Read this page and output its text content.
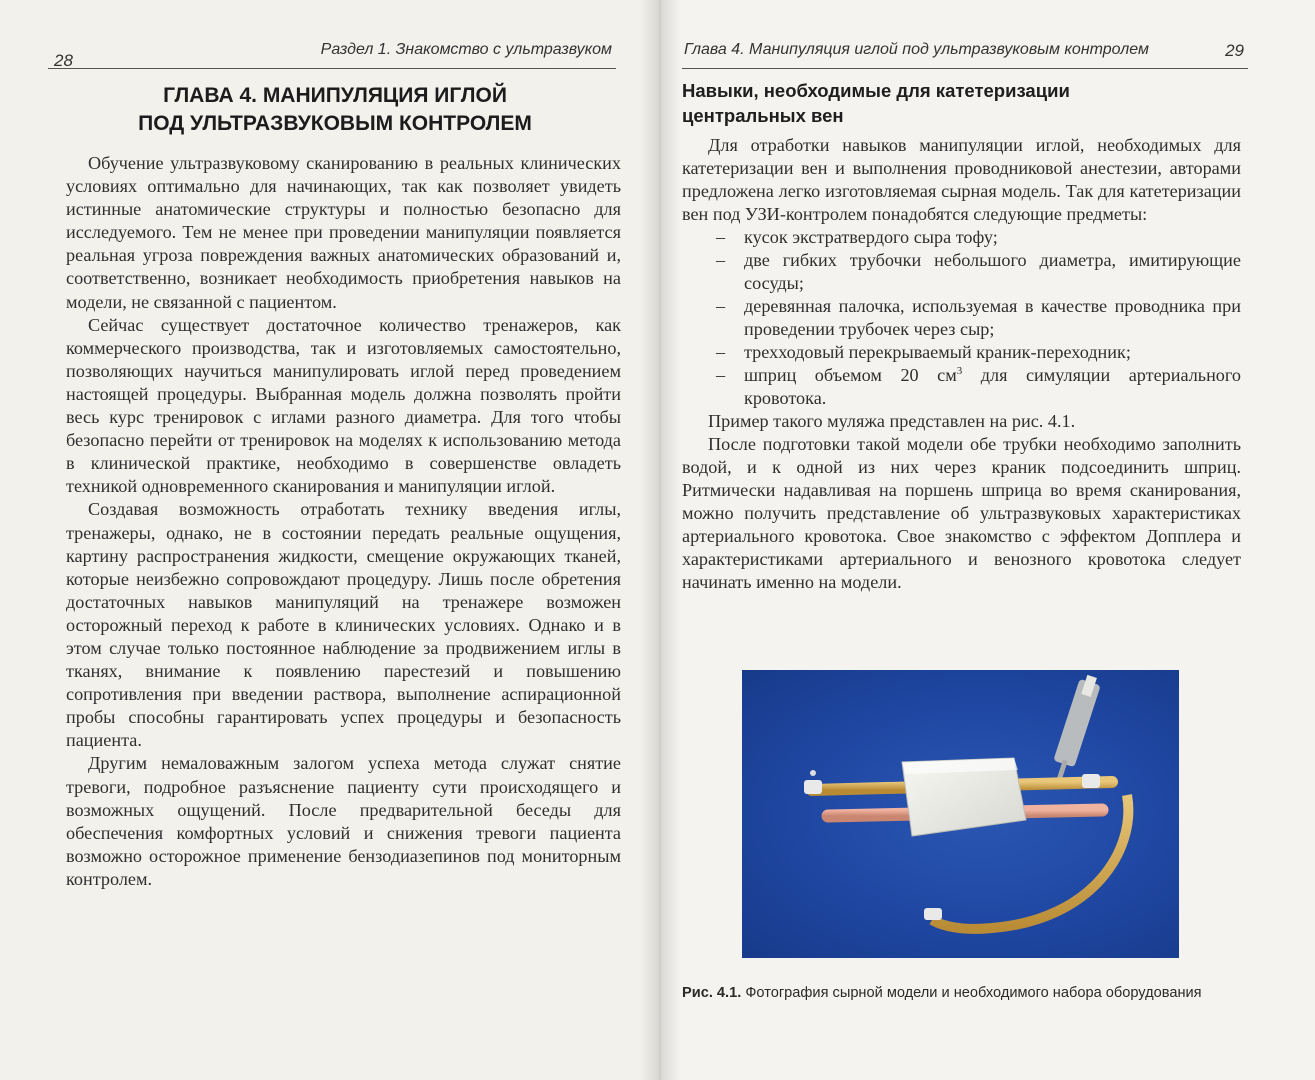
28
Раздел 1. Знакомство с ультразвуком	Глава 4. Манипуляция иглой под ультразвуковым контролем	29
ГЛАВА 4. МАНИПУЛЯЦИЯ ИГЛОЙ
ПОД УЛЬТРАЗВУКОВЫМ КОНТРОЛЕМ

Обучение ультразвуковому сканированию в реальных клинических условиях оптимально для начинающих, так как позволяет увидеть истинные анатомические структуры и полностью безопасно для исследуемого. Тем не менее при проведении манипуляции появляется реальная угроза повреждения важных анатомических образований и, соответственно, возникает необходимость приобретения навыков на модели, не связанной с пациентом.

Сейчас существует достаточное количество тренажеров, как коммерческого производства, так и изготовляемых самостоятельно, позволяющих научиться манипулировать иглой перед проведением настоящей процедуры. Выбранная модель должна позволять пройти весь курс тренировок с иглами разного диаметра. Для того чтобы безопасно перейти от тренировок на моделях к использованию метода в клинической практике, необходимо в совершенстве овладеть техникой одновременного сканирования и манипуляции иглой.

Создавая возможность отработать технику введения иглы, тренажеры, однако, не в состоянии передать реальные ощущения, картину распространения жидкости, смещение окружающих тканей, которые неизбежно сопровождают процедуру. Лишь после обретения достаточных навыков манипуляций на тренажере возможен осторожный переход к работе в клинических условиях. Однако и в этом случае только постоянное наблюдение за продвижением иглы в тканях, внимание к появлению парестезий и повышению сопротивления при введении раствора, выполнение аспирационной пробы способны гарантировать успех процедуры и безопасность пациента.

Другим немаловажным залогом успеха метода служат снятие тревоги, подробное разъяснение пациенту сути происходящего и возможных ощущений. После предварительной беседы для обеспечения комфортных условий и снижения тревоги пациента возможно осторожное применение бензодиазепинов под мониторным контролем.

Навыки, необходимые для катетеризации
центральных вен

Для отработки навыков манипуляции иглой, необходимых для катетеризации вен и выполнения проводниковой анестезии, авторами предложена легко изготовляемая сырная модель. Так для катетеризации вен под УЗИ-контролем понадобятся следующие предметы:

– кусок экстратвердого сыра тофу;
– две гибких трубочки небольшого диаметра, имитирующие сосуды;
– деревянная палочка, используемая в качестве проводника при проведении трубочек через сыр;
– трехходовый перекрываемый краник-переходник;
– шприц объемом 20 $см^3$ для симуляции артериального кровотока.

Пример такого муляжа представлен на рис. 4.1.

После подготовки такой модели обе трубки необходимо заполнить водой, и к одной из них через краник подсоединить шприц. Ритмически надавливая на поршень шприца во время сканирования, можно получить представление об ультразвуковых характеристиках артериального кровотока. Свое знакомство с эффектом Допплера и характеристиками артериального и венозного кровотока следует начинать именно на модели.

Рис. 4.1. Фотография сырной модели и необходимого набора оборудования
